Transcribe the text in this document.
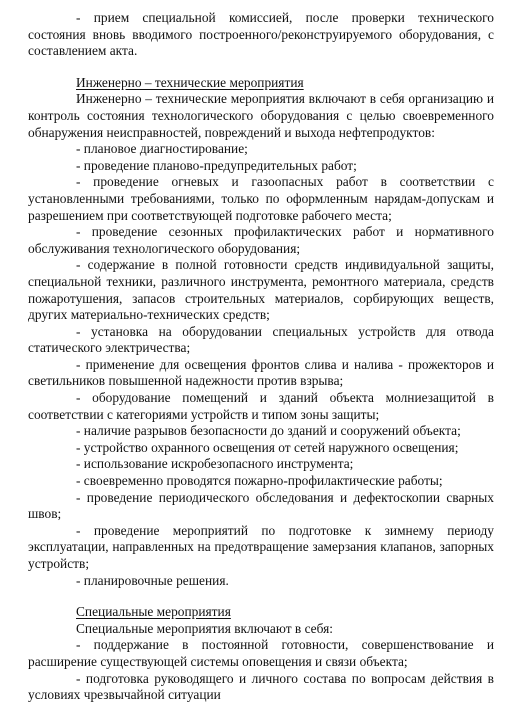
- прием специальной комиссией, после проверки технического состояния вновь вводимого построенного/реконструируемого оборудования, с составлением акта.

Инженерно – технические мероприятия

Инженерно – технические мероприятия включают в себя организацию и контроль состояния технологического оборудования с целью своевременного обнаружения неисправностей, повреждений и выхода нефтепродуктов:

- плановое диагностирование;

- проведение планово-предупредительных работ;

- проведение огневых и газоопасных работ в соответствии с установленными требованиями, только по оформленным нарядам-допускам и разрешением при соответствующей подготовке рабочего места;

- проведение сезонных профилактических работ и нормативного обслуживания технологического оборудования;

- содержание в полной готовности средств индивидуальной защиты, специальной техники, различного инструмента, ремонтного материала, средств пожаротушения, запасов строительных материалов, сорбирующих веществ, других материально-технических средств;

- установка на оборудовании специальных устройств для отвода статического электричества;

- применение для освещения фронтов слива и налива - прожекторов и светильников повышенной надежности против взрыва;

- оборудование помещений и зданий объекта молниезащитой в соответствии с категориями устройств и типом зоны защиты;

- наличие разрывов безопасности до зданий и сооружений объекта;

- устройство охранного освещения от сетей наружного освещения;

- использование искробезопасного инструмента;

- своевременно проводятся пожарно-профилактические работы;

- проведение периодического обследования и дефектоскопии сварных швов;

- проведение мероприятий по подготовке к зимнему периоду эксплуатации, направленных на предотвращение замерзания клапанов, запорных устройств;

- планировочные решения.

Специальные мероприятия

Специальные мероприятия включают в себя:

- поддержание в постоянной готовности, совершенствование и расширение существующей системы оповещения и связи объекта;

- подготовка руководящего и личного состава по вопросам действия в условиях чрезвычайной ситуации
